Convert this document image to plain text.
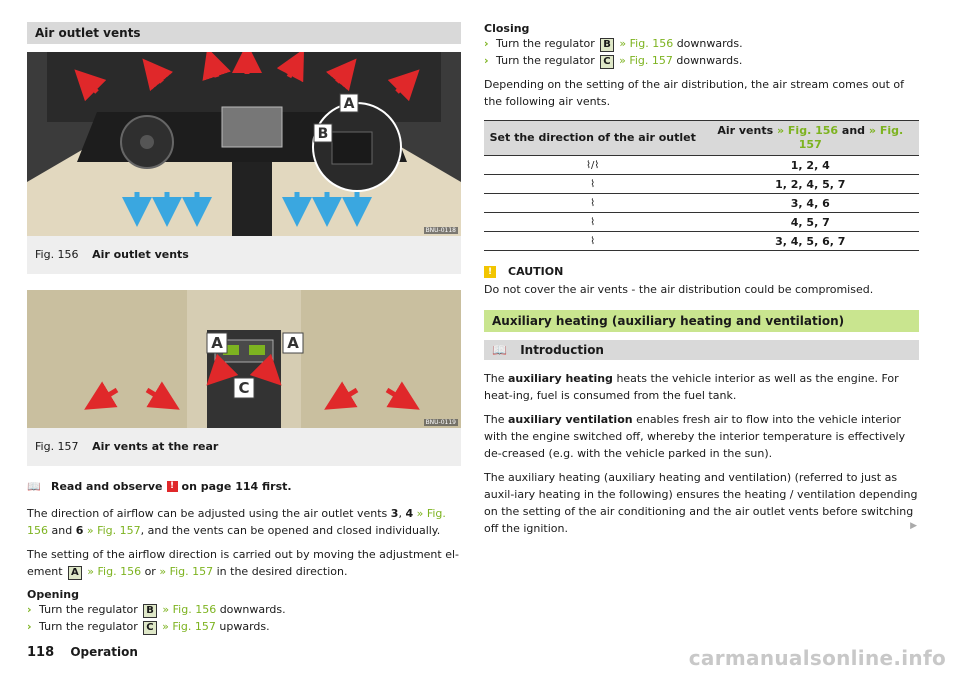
Air outlet vents
A
B
BNU-0118
Fig. 156 Air outlet vents
A	A
C
BNU-0119
Fig. 157 Air vents at the rear
📖 Read and observe ! on page 114 first.

The direction of airflow can be adjusted using the air outlet vents 3, 4 » Fig. 156 and 6 » Fig. 157, and the vents can be opened and closed individually.

The setting of the airflow direction is carried out by moving the adjustment el-ement A » Fig. 156 or » Fig. 157 in the desired direction.

Opening
› Turn the regulator B » Fig. 156 downwards.
› Turn the regulator C » Fig. 157 upwards.
Closing
› Turn the regulator B » Fig. 156 downwards.
› Turn the regulator C » Fig. 157 downwards.

Depending on the setting of the air distribution, the air stream comes out of the following air vents.

Set the direction of the air outlet	Air vents » Fig. 156 and » Fig. 157
⌇/⌇	1, 2, 4
⌇	1, 2, 4, 5, 7
⌇	3, 4, 6
⌇	4, 5, 7
⌇	3, 4, 5, 6, 7
!	CAUTION

Do not cover the air vents - the air distribution could be compromised.

Auxiliary heating (auxiliary heating and ventilation)
📖 Introduction

The auxiliary heating heats the vehicle interior as well as the engine. For heat-ing, fuel is consumed from the fuel tank.

The auxiliary ventilation enables fresh air to flow into the vehicle interior with the engine switched off, whereby the interior temperature is effectively de-creased (e.g. with the vehicle parked in the sun).

The auxiliary heating (auxiliary heating and ventilation) (referred to just as auxil-iary heating in the following) ensures the heating / ventilation depending on the setting of the air conditioning and the air outlet vents before switching off the ignition.	▶

118 Operation	carmanualsonline.info
